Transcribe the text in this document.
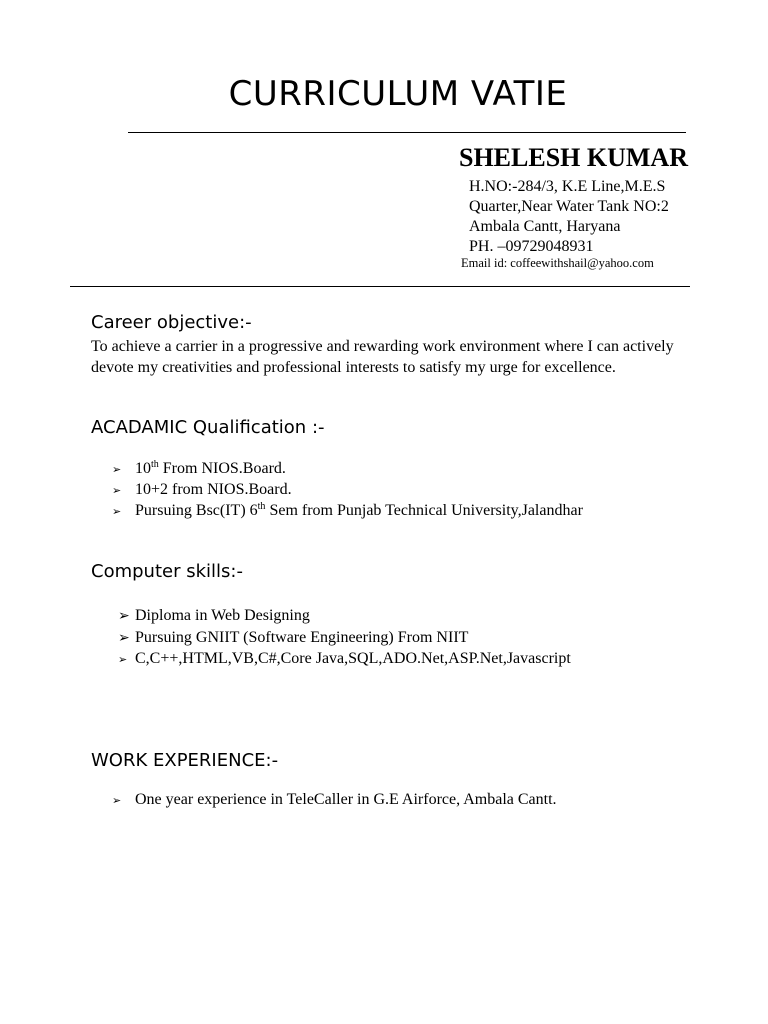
CURRICULUM VATIE
SHELESH KUMAR
H.NO:-284/3, K.E Line,M.E.S
Quarter,Near Water Tank NO:2
Ambala Cantt, Haryana
PH. –09729048931
Email id: coffeewithshail@yahoo.com
Career objective:-
To achieve a carrier in a progressive and rewarding work environment where I can actively devote my creativities and professional interests to satisfy my urge for excellence.
ACADAMIC Qualification :-
➢ 10th From NIOS.Board.
➢ 10+2 from NIOS.Board.
➢ Pursuing Bsc(IT) 6th Sem from Punjab Technical University,Jalandhar
Computer skills:-
➢ Diploma in Web Designing
➢ Pursuing GNIIT (Software Engineering) From NIIT
➢ C,C++,HTML,VB,C#,Core Java,SQL,ADO.Net,ASP.Net,Javascript
WORK EXPERIENCE:-
➢ One year experience in TeleCaller in G.E Airforce, Ambala Cantt.
